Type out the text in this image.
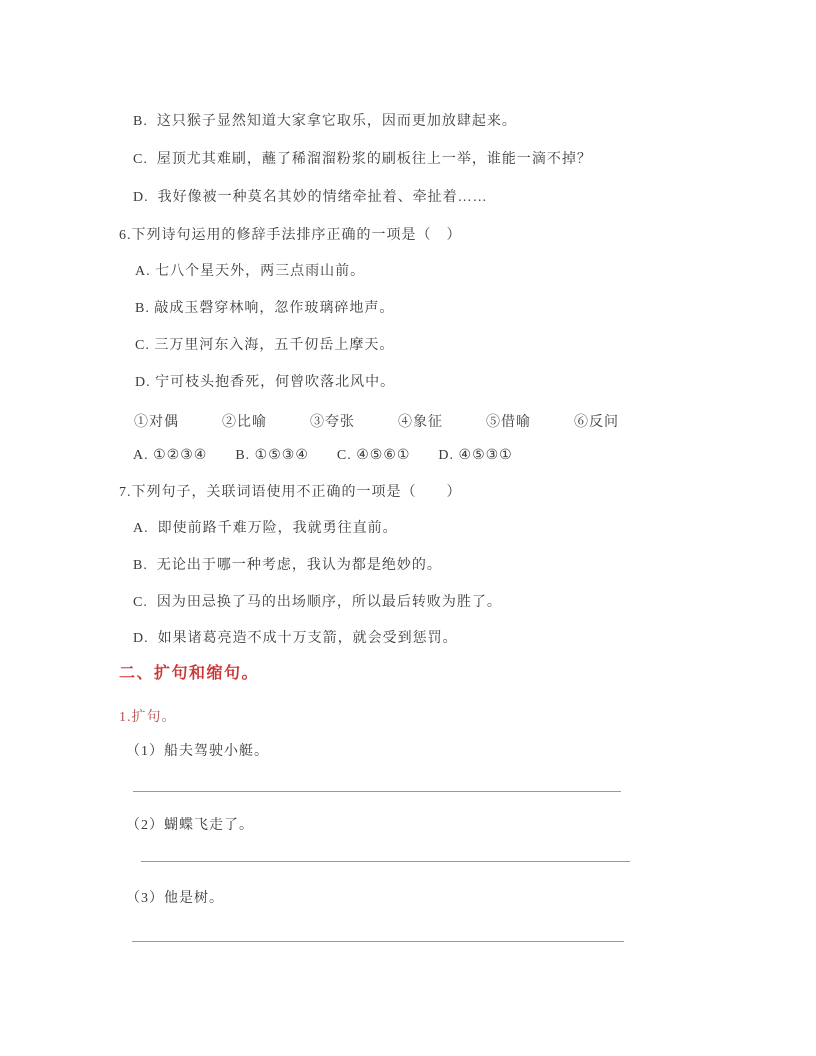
B.  这只猴子显然知道大家拿它取乐，因而更加放肆起来。
C.  屋顶尤其难刷，蘸了稀溜溜粉浆的刷板往上一举，谁能一滴不掉？
D.  我好像被一种莫名其妙的情绪牵扯着、牵扯着……
6.下列诗句运用的修辞手法排序正确的一项是（　）
A. 七八个星天外，两三点雨山前。
B. 敲成玉磬穿林响，忽作玻璃碎地声。
C. 三万里河东入海，五千仞岳上摩天。
D. 宁可枝头抱香死，何曾吹落北风中。
①对偶	②比喻	③夸张	④象征	⑤借喻	⑥反问
A. ①②③④ B. ①⑤③④ C. ④⑤⑥① D. ④⑤③①
7.下列句子，关联词语使用不正确的一项是（　　）
A.  即使前路千难万险，我就勇往直前。
B.  无论出于哪一种考虑，我认为都是绝妙的。
C.  因为田忌换了马的出场顺序，所以最后转败为胜了。
D.  如果诸葛亮造不成十万支箭，就会受到惩罚。
二、扩句和缩句。
1.扩句。
（1）船夫驾驶小艇。
（2）蝴蝶飞走了。
（3）他是树。
